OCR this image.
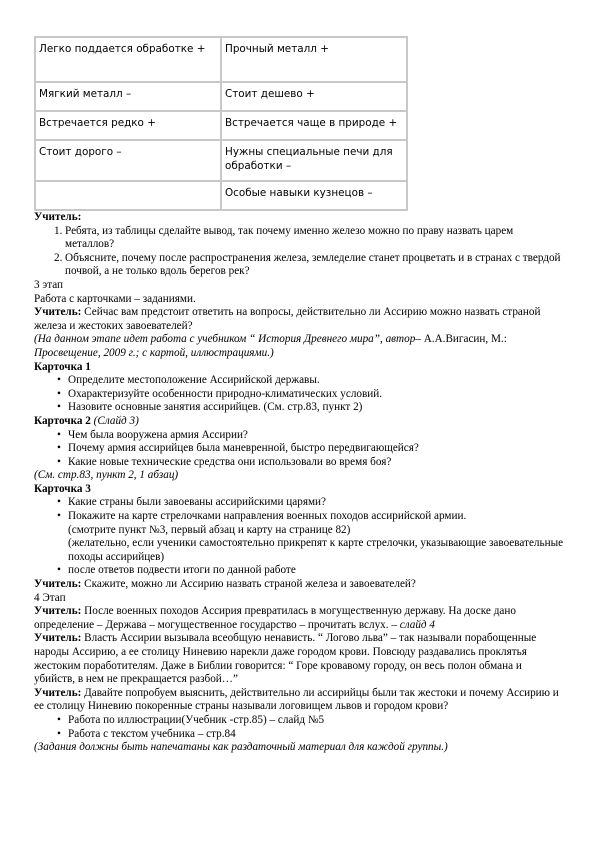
Легко поддается обработке +	Прочный металл +
Мягкий металл –	Стоит дешево +
Встречается редко +	Встречается чаще в природе +
Стоит дорого –	Нужны специальные печи для обработки –
	Особые навыки кузнецов –

Учитель:

1. Ребята, из таблицы сделайте вывод, так почему именно железо можно по праву назвать царем металлов?
2. Объясните, почему после распространения железа, земледелие станет процветать и в странах с твердой почвой, а не только вдоль берегов рек?

3 этап

Работа с карточками – заданиями.

Учитель: Сейчас вам предстоит ответить на вопросы, действительно ли Ассирию можно назвать страной железа и жестоких завоевателей?

(На данном этапе идет работа с учебником “ История Древнего мира”, автор– А.А.Вигасин, М.: Просвещение, 2009 г.; с картой, иллюстрациями.)

Карточка 1

• Определите местоположение Ассирийской державы.
• Охарактеризуйте особенности природно-климатических условий.
• Назовите основные занятия ассирийцев. (См. стр.83, пункт 2)

Карточка 2 (Слайд 3)

• Чем была вооружена армия Ассирии?
• Почему армия ассирийцев была маневренной, быстро передвигающейся?
• Какие новые технические средства они использовали во время боя?

(См. стр.83, пункт 2, 1 абзац)

Карточка 3

• Какие страны были завоеваны ассирийскими царями?
• Покажите на карте стрелочками направления военных походов ассирийской армии.

(смотрите пункт №3, первый абзац и карту на странице 82)

(желательно, если ученики самостоятельно прикрепят к карте стрелочки, указывающие завоевательные походы ассирийцев)

• после ответов подвести итоги по данной работе

Учитель: Скажите, можно ли Ассирию назвать страной железа и завоевателей?

4 Этап

Учитель: После военных походов Ассирия превратилась в могущественную державу. На доске дано определение – Держава – могущественное государство – прочитать вслух. – слайд 4

Учитель: Власть Ассирии вызывала всеобщую ненависть. “ Логово льва” – так называли порабощенные народы Ассирию, а ее столицу Ниневию нарекли даже городом крови. Повсюду раздавались проклятья жестоким поработителям. Даже в Библии говорится: “ Горе кровавому городу, он весь полон обмана и убийств, в нем не прекращается разбой…”

Учитель: Давайте попробуем выяснить, действительно ли ассирийцы были так жестоки и почему Ассирию и ее столицу Ниневию покоренные страны называли логовищем львов и городом крови?

• Работа по иллюстрации(Учебник -стр.85) – слайд №5
• Работа с текстом учебника – стр.84

(Задания должны быть напечатаны как раздаточный материал для каждой группы.)
